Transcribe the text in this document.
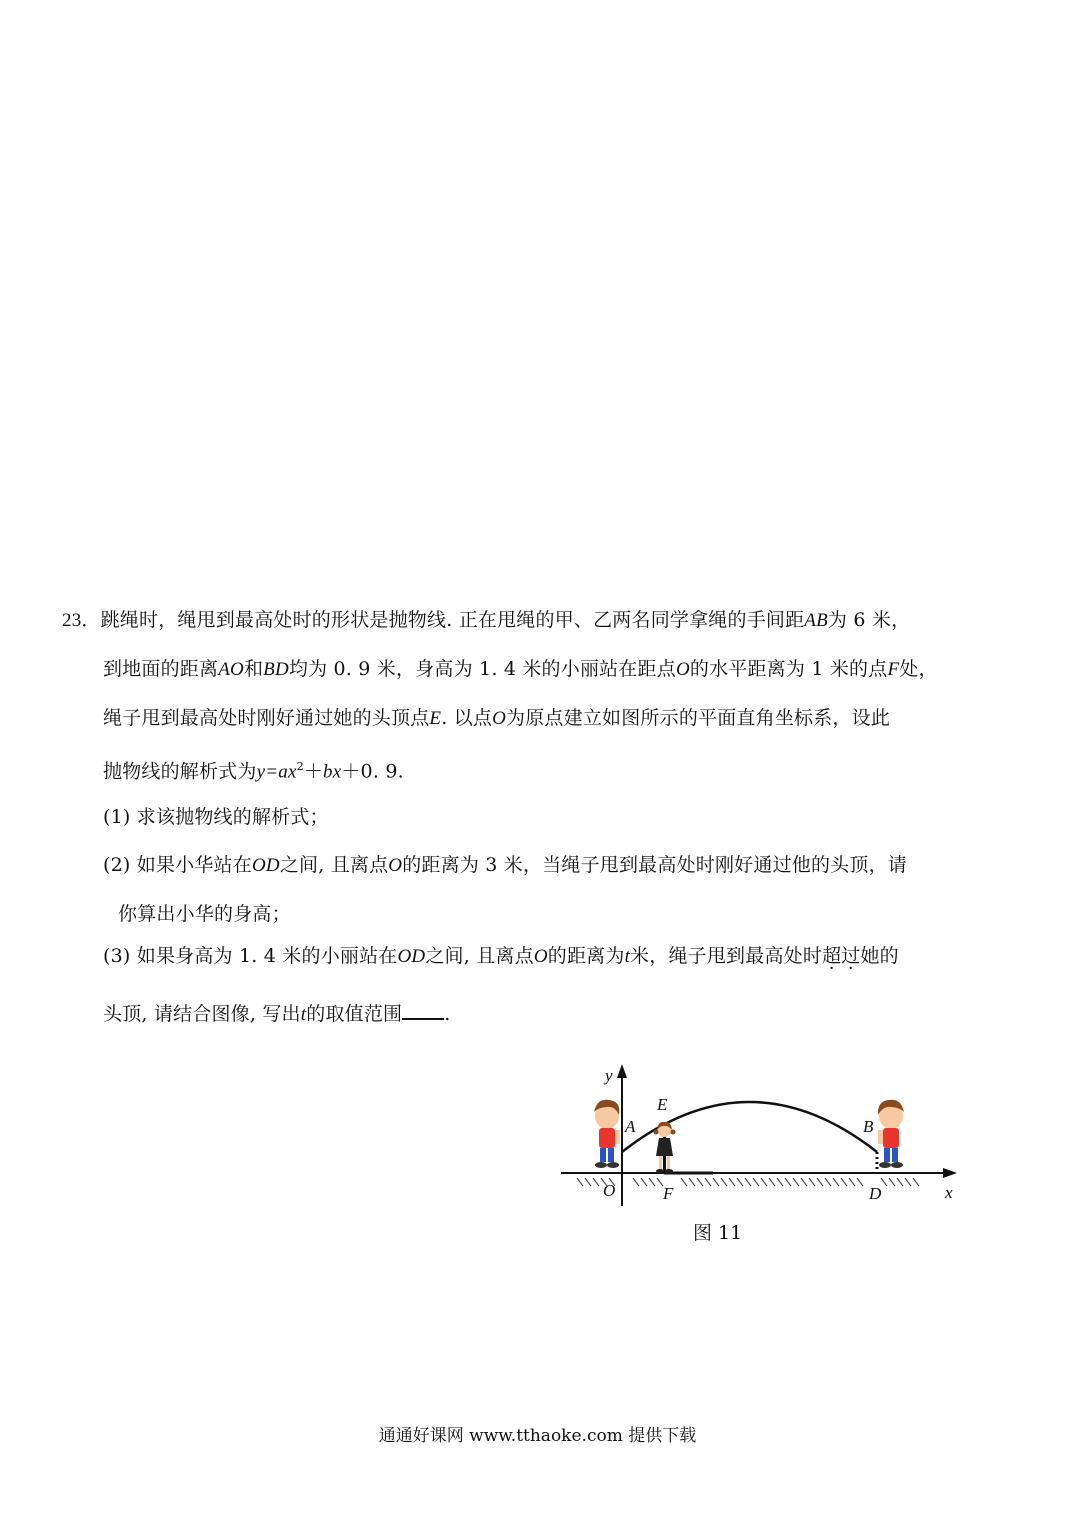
23．跳绳时，绳甩到最高处时的形状是抛物线. 正在甩绳的甲、乙两名同学拿绳的手间距AB为 6 米，
到地面的距离AO和BD均为 0. 9 米，身高为 1. 4 米的小丽站在距点O的水平距离为 1 米的点F处，
绳子甩到最高处时刚好通过她的头顶点E. 以点O为原点建立如图所示的平面直角坐标系，设此
抛物线的解析式为$y=ax^2+bx+0$. 9.
(1) 求该抛物线的解析式；
(2) 如果小华站在OD之间, 且离点O的距离为 3 米，当绳子甩到最高处时刚好通过他的头顶，请
你算出小华的身高；
(3) 如果身高为 1. 4 米的小丽站在OD之间, 且离点O的距离为t米，绳子甩到最高处时超过她的
头顶, 请结合图像, 写出t的取值范围 .
y
x
O
A
E
F
B
D
图 11
通通好课网 www.tthaoke.com 提供下载
